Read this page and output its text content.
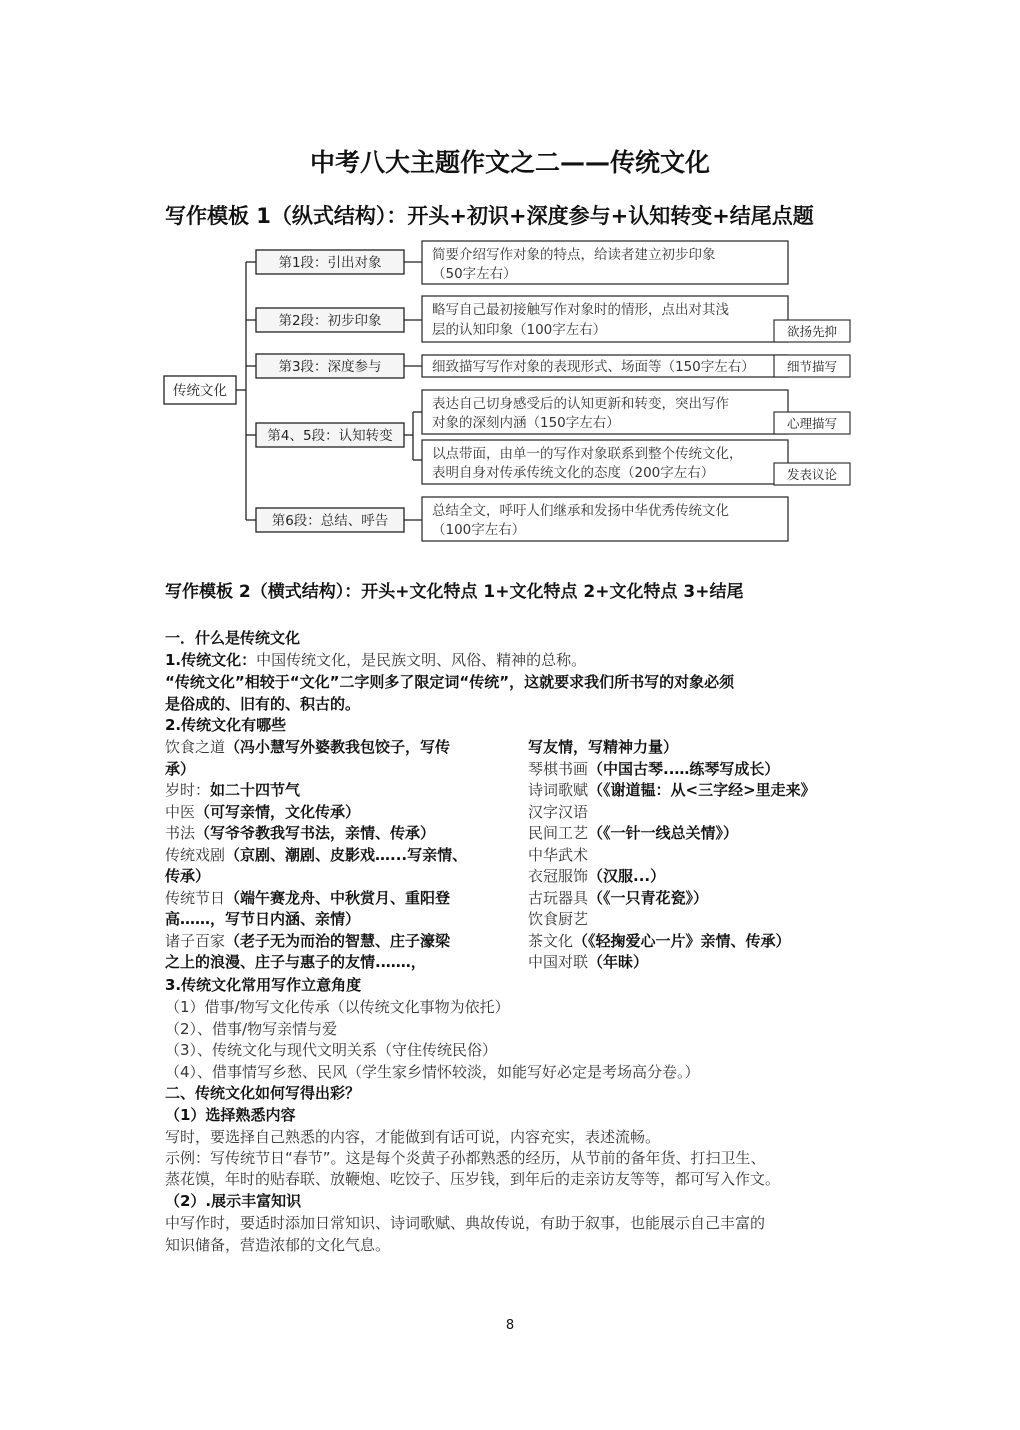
中考八大主题作文之二——传统文化
写作模板 1（纵式结构）：开头+初识+深度参与+认知转变+结尾点题
传统文化
第1段：引出对象
第2段：初步印象
第3段：深度参与
第4、5段：认知转变
第6段：总结、呼告
简要介绍写作对象的特点，给读者建立初步印象
（50字左右）
略写自己最初接触写作对象时的情形，点出对其浅
层的认知印象（100字左右）	欲扬先抑
细致描写写作对象的表现形式、场面等（150字左右）	细节描写
表达自己切身感受后的认知更新和转变，突出写作
对象的深刻内涵（150字左右）	心理描写
以点带面，由单一的写作对象联系到整个传统文化，
表明自身对传承传统文化的态度（200字左右）	发表议论
总结全文，呼吁人们继承和发扬中华优秀传统文化
（100字左右）
写作模板 2（横式结构）：开头+文化特点 1+文化特点 2+文化特点 3+结尾
一．什么是传统文化
1.传统文化：中国传统文化，是民族文明、风俗、精神的总称。
“传统文化”相较于“文化”二字则多了限定词“传统”，这就要求我们所书写的对象必须
是俗成的、旧有的、积古的。
2.传统文化有哪些
饮食之道（冯小慧写外婆教我包饺子，写传
承）
岁时：如二十四节气
中医（可写亲情，文化传承）
书法（写爷爷教我写书法，亲情、传承）
传统戏剧（京剧、潮剧、皮影戏…...写亲情、
传承）
传统节日（端午赛龙舟、中秋赏月、重阳登
高……，写节日内涵、亲情）
诸子百家（老子无为而治的智慧、庄子濠梁
之上的浪漫、庄子与惠子的友情.……，
写友情，写精神力量）
琴棋书画（中国古琴..…练琴写成长）
诗词歌赋（《谢道韫：从<三字经>里走来》
汉字汉语
民间工艺（《一针一线总关情》）
中华武术
衣冠服饰（汉服...）
古玩器具（《一只青花瓷》）
饮食厨艺
茶文化（《轻掬爱心一片》亲情、传承）
中国对联（年昧）
3.传统文化常用写作立意角度
（1）借事/物写文化传承（以传统文化事物为依托）
（2）、借事/物写亲情与爱
（3）、传统文化与现代文明关系（守住传统民俗）
（4）、借事情写乡愁、民风（学生家乡情怀较淡，如能写好必定是考场高分卷。）
二、传统文化如何写得出彩？
（1）选择熟悉内容
写时，要选择自己熟悉的内容，才能做到有话可说，内容充实，表述流畅。
示例：写传统节日“春节”。这是每个炎黄子孙都熟悉的经历，从节前的备年货、打扫卫生、
蒸花馍，年时的贴春联、放鞭炮、吃饺子、压岁钱，到年后的走亲访友等等，都可写入作文。
（2）.展示丰富知识
中写作时，要适时添加日常知识、诗词歌赋、典故传说，有助于叙事，也能展示自己丰富的
知识储备，营造浓郁的文化气息。
8
